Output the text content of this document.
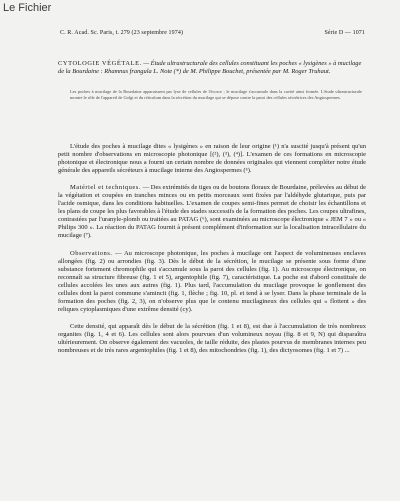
Le Fichier
C. R. Acad. Sc. Paris, t. 279 (23 septembre 1974)	Série D — 1071
CYTOLOGIE VÉGÉTALE. — Étude ultrastructurale des cellules constituant les poches « lysigènes » à mucilage de la Bourdaine : Rhamnus frangula L. Note (*) de M. Philippe Bouchet, présentée par M. Roger Truhaut.
Les poches à mucilage de la Bourdaine apparaissent par lyse de cellules de l'écorce ; le mucilage s'accumule dans la cavité ainsi formée. L'étude ultrastructurale montre le rôle de l'appareil de Golgi et du réticulum dans la sécrétion du mucilage qui se dépose contre la paroi des cellules sécrétrices des Angiospermes.

L'étude des poches à mucilage dites « lysigènes » en raison de leur origine (¹) n'a suscité jusqu'à présent qu'un petit nombre d'observations en microscopie photonique [(²), (³), (⁴)]. L'examen de ces formations en microscopie photonique et électronique nous a fourni un certain nombre de données originales qui viennent compléter notre étude générale des appareils sécréteurs à mucilage interne des Angiospermes (⁵).

Matériel et techniques. — Des extrémités de tiges ou de boutons floraux de Bourdaine, prélevées au début de la végétation et coupées en tranches minces ou en petits morceaux sont fixées par l'aldéhyde glutarique, puis par l'acide osmique, dans les conditions habituelles. L'examen de coupes semi-fines permet de choisir les échantillons et les plans de coupe les plus favorables à l'étude des stades successifs de la formation des poches. Les coupes ultrafines, contrastées par l'uranyle-plomb ou traitées au PATAG (⁶), sont examinées au microscope électronique « JEM 7 » ou « Philips 300 ». La réaction du PATAG fournit à présent complément d'information sur la localisation intracellulaire du mucilage (⁷).

Observations. — Au microscope photonique, les poches à mucilage ont l'aspect de volumineuses enclaves allongées (fig. 2) ou arrondies (fig. 3). Dès le début de la sécrétion, le mucilage se présente sous forme d'une substance fortement chromophile qui s'accumule sous la paroi des cellules (fig. 1). Au microscope électronique, on reconnaît sa structure fibreuse (fig. 1 et 5), argentophile (fig. 7), caractéristique. La poche est d'abord constituée de cellules accolées les unes aux autres (fig. 1). Plus tard, l'accumulation du mucilage provoque le gonflement des cellules dont la paroi commune s'amincit (fig. 1, flèche ; fig. 10, pl. et tend à se lyser. Dans la phase terminale de la formation des poches (fig. 2, 3), on n'observe plus que le contenu mucilagineux des cellules qui « flottent » des reliques cytoplasmiques d'une extrême densité (cy).

Cette densité, qui apparaît dès le début de la sécrétion (fig. 1 et 8), est due à l'accumulation de très nombreux organites (fig. 1, 4 et 6). Les cellules sont alors pourvues d'un volumineux noyau (fig. 8 et 9, N) qui disparaîtra ultérieurement. On observe également des vacuoles, de taille réduite, des plastes pourvus de membranes internes peu nombreuses et de très rares argentophiles (fig. 1 et 8), des mitochondries (fig. 1), des dictyosomes (fig. 1 et 7) ...
